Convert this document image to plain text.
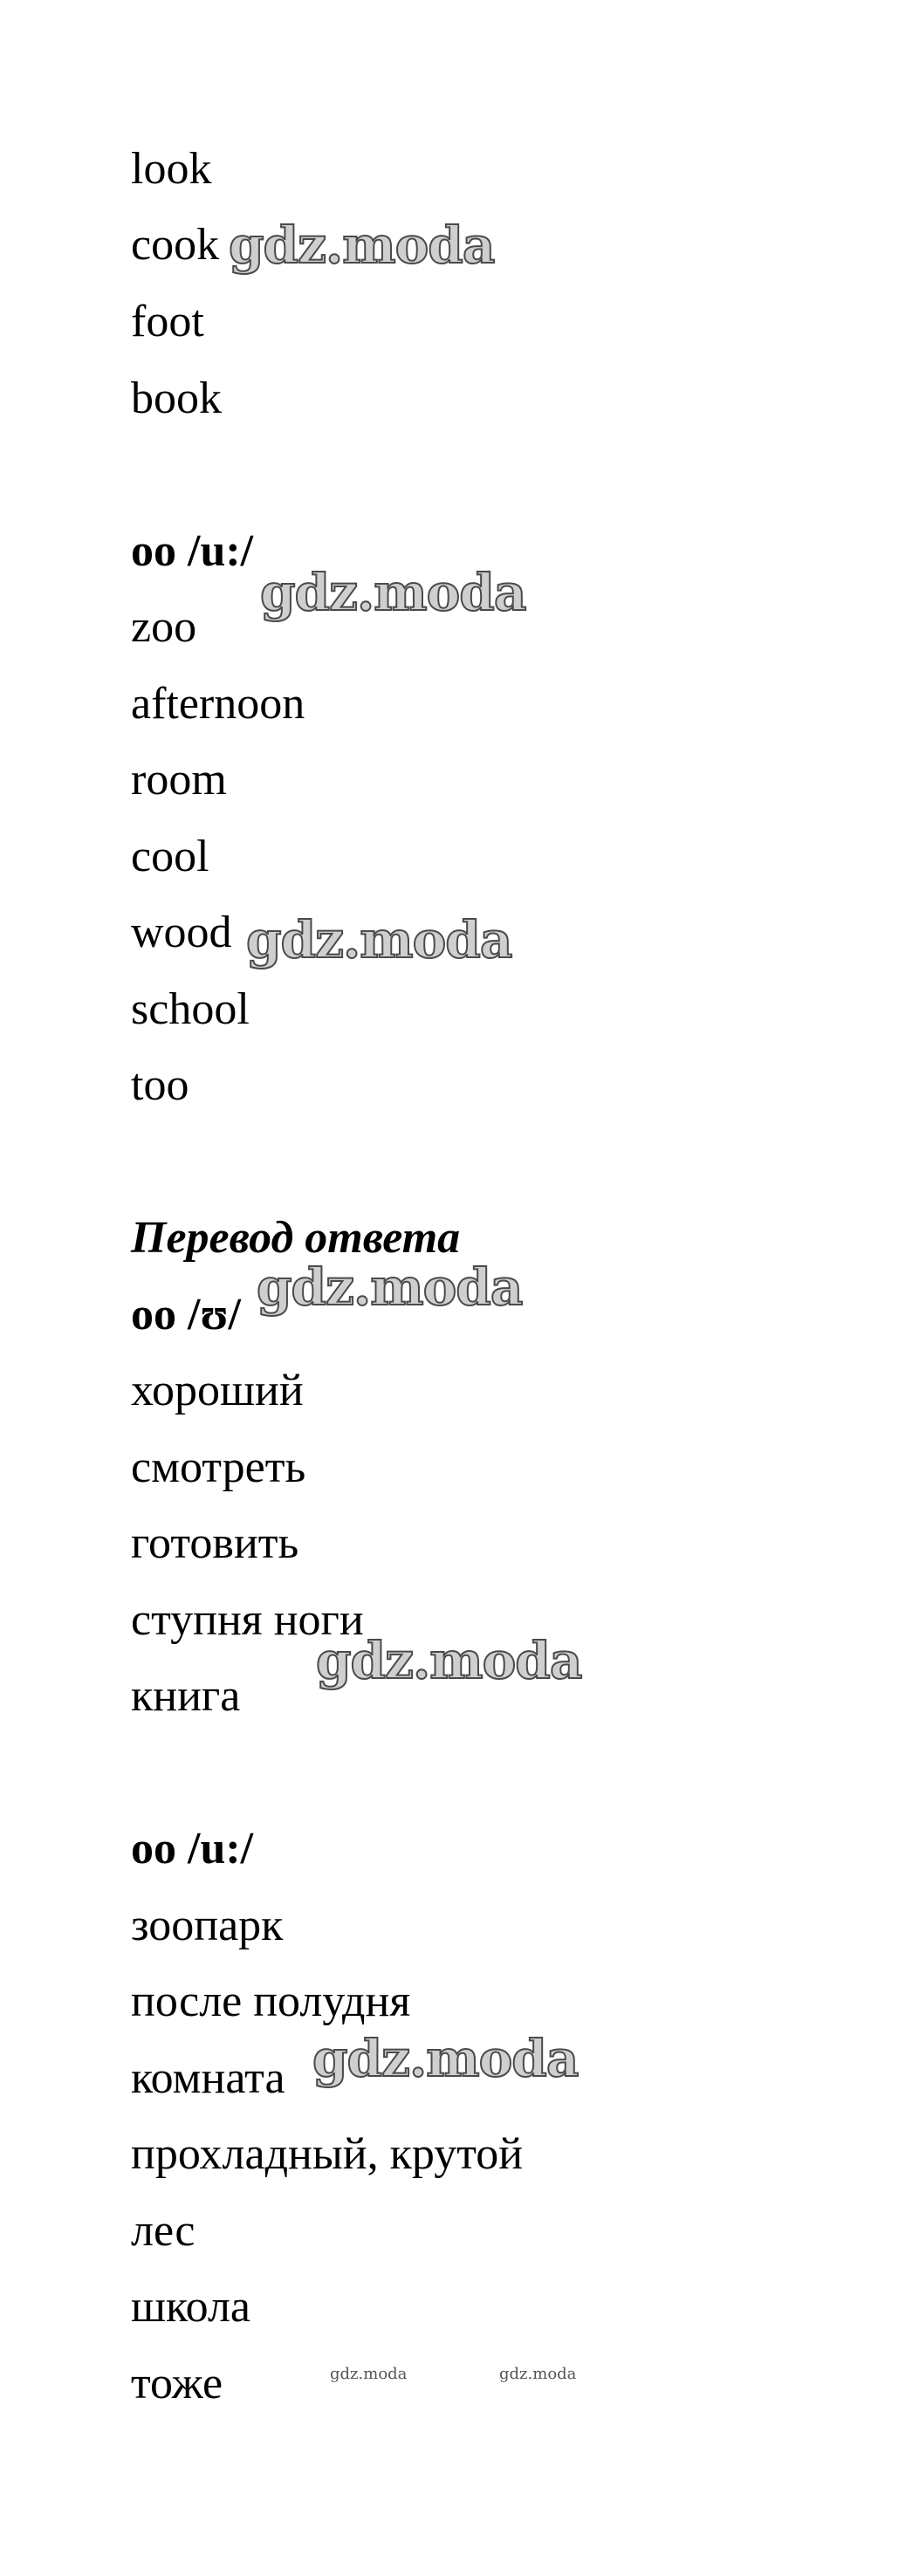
look
cook
foot
book
oo /u:/
zoo
afternoon
room
cool
wood
school
too
Перевод ответа
oo /ʊ/
хороший
смотреть
готовить
ступня ноги
книга
oo /u:/
зоопарк
после полудня
комната
прохладный, крутой
лес
школа
тоже
gdz.moda
gdz.moda
gdz.moda
gdz.moda
gdz.moda
gdz.moda
gdz.moda	gdz.moda
